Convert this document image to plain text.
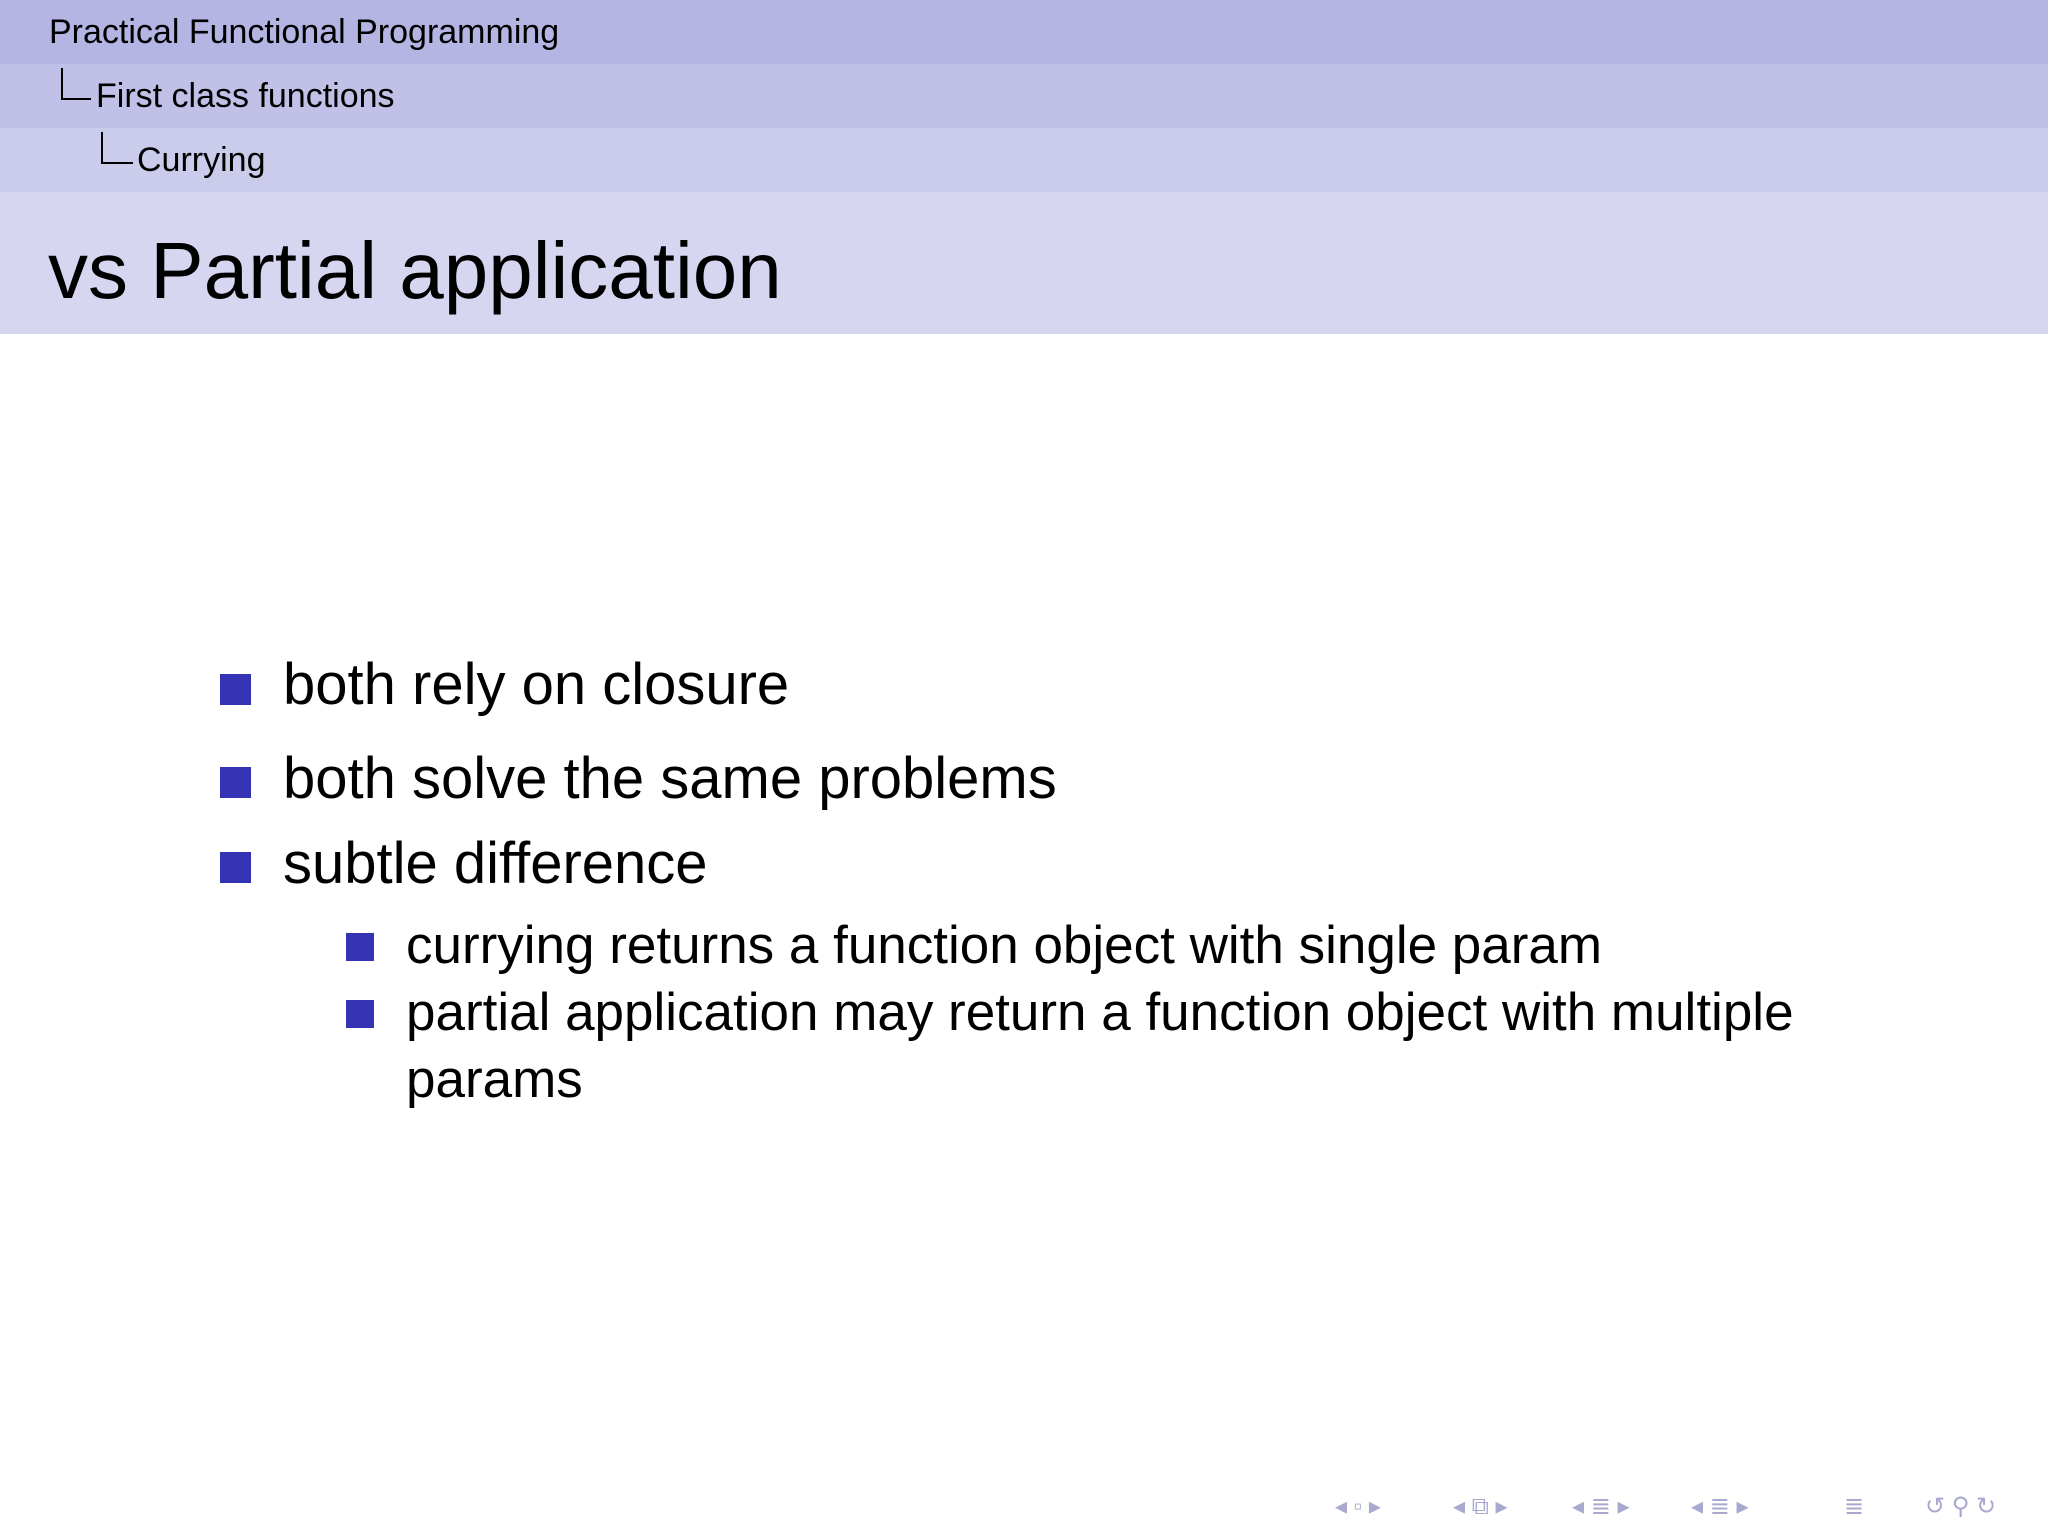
Practical Functional Programming
First class functions
Currying
vs Partial application
both rely on closure
both solve the same problems
subtle difference
currying returns a function object with single param
partial application may return a function object with multiple params
◂ ▫ ▸	◂ ⧉ ▸	◂ ≣ ▸	◂ ≣ ▸	≣	↺ ⚲ ↻
